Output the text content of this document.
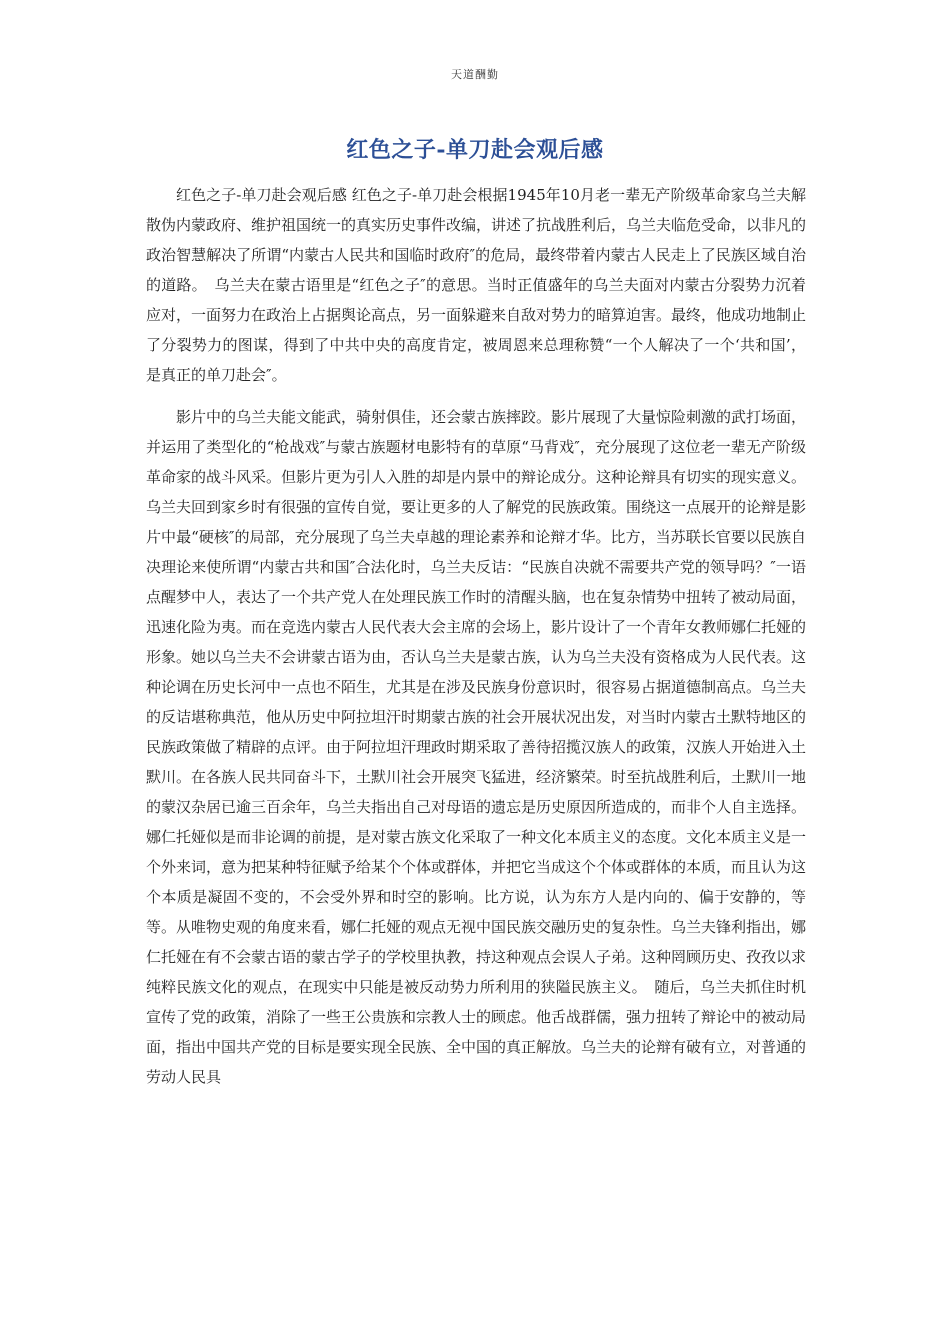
天道酬勤
红色之子-单刀赴会观后感

红色之子-单刀赴会观后感 红色之子-单刀赴会根据1945年10月老一辈无产阶级革命家乌兰夫解散伪内蒙政府、维护祖国统一的真实历史事件改编，讲述了抗战胜利后，乌兰夫临危受命，以非凡的政治智慧解决了所谓“内蒙古人民共和国临时政府″的危局，最终带着内蒙古人民走上了民族区域自治的道路。　乌兰夫在蒙古语里是“红色之子″的意思。当时正值盛年的乌兰夫面对内蒙古分裂势力沉着应对，一面努力在政治上占据舆论高点，另一面躲避来自敌对势力的暗算迫害。最终，他成功地制止了分裂势力的图谋，得到了中共中央的高度肯定，被周恩来总理称赞“一个人解决了一个‘共和国’，是真正的单刀赴会″。

影片中的乌兰夫能文能武，骑射俱佳，还会蒙古族摔跤。影片展现了大量惊险刺激的武打场面，并运用了类型化的“枪战戏″与蒙古族题材电影特有的草原“马背戏″，充分展现了这位老一辈无产阶级革命家的战斗风采。但影片更为引人入胜的却是内景中的辩论成分。这种论辩具有切实的现实意义。乌兰夫回到家乡时有很强的宣传自觉，要让更多的人了解党的民族政策。围绕这一点展开的论辩是影片中最“硬核″的局部，充分展现了乌兰夫卓越的理论素养和论辩才华。比方，当苏联长官要以民族自决理论来使所谓“内蒙古共和国″合法化时，乌兰夫反诘：“民族自决就不需要共产党的领导吗？″一语点醒梦中人，表达了一个共产党人在处理民族工作时的清醒头脑，也在复杂情势中扭转了被动局面，迅速化险为夷。而在竞选内蒙古人民代表大会主席的会场上，影片设计了一个青年女教师娜仁托娅的形象。她以乌兰夫不会讲蒙古语为由，否认乌兰夫是蒙古族，认为乌兰夫没有资格成为人民代表。这种论调在历史长河中一点也不陌生，尤其是在涉及民族身份意识时，很容易占据道德制高点。乌兰夫的反诘堪称典范，他从历史中阿拉坦汗时期蒙古族的社会开展状况出发，对当时内蒙古土默特地区的民族政策做了精辟的点评。由于阿拉坦汗理政时期采取了善待招揽汉族人的政策，汉族人开始进入土默川。在各族人民共同奋斗下，土默川社会开展突飞猛进，经济繁荣。时至抗战胜利后，土默川一地的蒙汉杂居已逾三百余年，乌兰夫指出自己对母语的遗忘是历史原因所造成的，而非个人自主选择。娜仁托娅似是而非论调的前提，是对蒙古族文化采取了一种文化本质主义的态度。文化本质主义是一个外来词，意为把某种特征赋予给某个个体或群体，并把它当成这个个体或群体的本质，而且认为这个本质是凝固不变的，不会受外界和时空的影响。比方说，认为东方人是内向的、偏于安静的，等等。从唯物史观的角度来看，娜仁托娅的观点无视中国民族交融历史的复杂性。乌兰夫锋利指出，娜仁托娅在有不会蒙古语的蒙古学子的学校里执教，持这种观点会误人子弟。这种罔顾历史、孜孜以求纯粹民族文化的观点，在现实中只能是被反动势力所利用的狭隘民族主义。　随后，乌兰夫抓住时机宣传了党的政策，消除了一些王公贵族和宗教人士的顾虑。他舌战群儒，强力扭转了辩论中的被动局面，指出中国共产党的目标是要实现全民族、全中国的真正解放。乌兰夫的论辩有破有立，对普通的劳动人民具
